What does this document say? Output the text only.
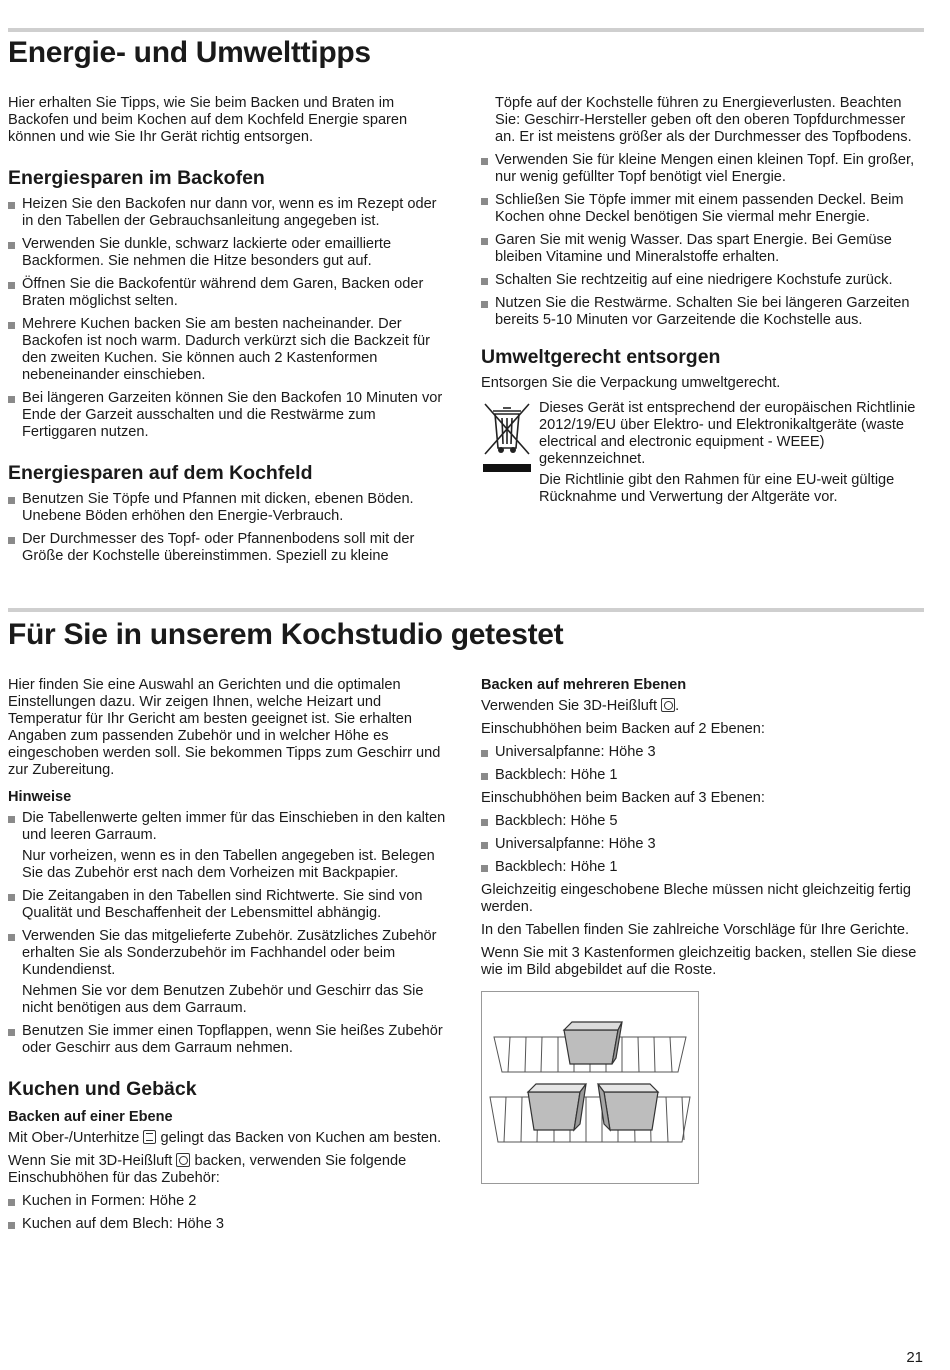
Energie- und Umwelttipps

Hier erhalten Sie Tipps, wie Sie beim Backen und Braten im Backofen und beim Kochen auf dem Kochfeld Energie sparen können und wie Sie Ihr Gerät richtig entsorgen.

Energiesparen im Backofen
Heizen Sie den Backofen nur dann vor, wenn es im Rezept oder in den Tabellen der Gebrauchsanleitung angegeben ist.
Verwenden Sie dunkle, schwarz lackierte oder emaillierte Backformen. Sie nehmen die Hitze besonders gut auf.
Öffnen Sie die Backofentür während dem Garen, Backen oder Braten möglichst selten.
Mehrere Kuchen backen Sie am besten nacheinander. Der Backofen ist noch warm. Dadurch verkürzt sich die Backzeit für den zweiten Kuchen. Sie können auch 2 Kastenformen nebeneinander einschieben.
Bei längeren Garzeiten können Sie den Backofen 10 Minuten vor Ende der Garzeit ausschalten und die Restwärme zum Fertiggaren nutzen.
Energiesparen auf dem Kochfeld
Benutzen Sie Töpfe und Pfannen mit dicken, ebenen Böden. Unebene Böden erhöhen den Energie-Verbrauch.
Der Durchmesser des Topf- oder Pfannenbodens soll mit der Größe der Kochstelle übereinstimmen. Speziell zu kleine

Töpfe auf der Kochstelle führen zu Energieverlusten. Beachten Sie: Geschirr-Hersteller geben oft den oberen Topfdurchmesser an. Er ist meistens größer als der Durchmesser des Topfbodens.

Verwenden Sie für kleine Mengen einen kleinen Topf. Ein großer, nur wenig gefüllter Topf benötigt viel Energie.
Schließen Sie Töpfe immer mit einem passenden Deckel. Beim Kochen ohne Deckel benötigen Sie viermal mehr Energie.
Garen Sie mit wenig Wasser. Das spart Energie. Bei Gemüse bleiben Vitamine und Mineralstoffe erhalten.
Schalten Sie rechtzeitig auf eine niedrigere Kochstufe zurück.
Nutzen Sie die Restwärme. Schalten Sie bei längeren Garzeiten bereits 5-10 Minuten vor Garzeitende die Kochstelle aus.
Umweltgerecht entsorgen

Entsorgen Sie die Verpackung umweltgerecht.

Dieses Gerät ist entsprechend der europäischen Richtlinie 2012/19/EU über Elektro- und Elektronikaltgeräte (waste electrical and electronic equipment - WEEE) gekennzeichnet.

Die Richtlinie gibt den Rahmen für eine EU-weit gültige Rücknahme und Verwertung der Altgeräte vor.

Für Sie in unserem Kochstudio getestet

Hier finden Sie eine Auswahl an Gerichten und die optimalen Einstellungen dazu. Wir zeigen Ihnen, welche Heizart und Temperatur für Ihr Gericht am besten geeignet ist. Sie erhalten Angaben zum passenden Zubehör und in welcher Höhe es eingeschoben werden soll. Sie bekommen Tipps zum Geschirr und zur Zubereitung.

Hinweise
Die Tabellenwerte gelten immer für das Einschieben in den kalten und leeren Garraum.
Nur vorheizen, wenn es in den Tabellen angegeben ist. Belegen Sie das Zubehör erst nach dem Vorheizen mit Backpapier.
Die Zeitangaben in den Tabellen sind Richtwerte. Sie sind von Qualität und Beschaffenheit der Lebensmittel abhängig.
Verwenden Sie das mitgelieferte Zubehör. Zusätzliches Zubehör erhalten Sie als Sonderzubehör im Fachhandel oder beim Kundendienst.
Nehmen Sie vor dem Benutzen Zubehör und Geschirr das Sie nicht benötigen aus dem Garraum.
Benutzen Sie immer einen Topflappen, wenn Sie heißes Zubehör oder Geschirr aus dem Garraum nehmen.
Kuchen und Gebäck
Backen auf einer Ebene

Mit Ober-/Unterhitze gelingt das Backen von Kuchen am besten.

Wenn Sie mit 3D-Heißluft backen, verwenden Sie folgende Einschubhöhen für das Zubehör:

Kuchen in Formen: Höhe 2
Kuchen auf dem Blech: Höhe 3
Backen auf mehreren Ebenen

Verwenden Sie 3D-Heißluft .

Einschubhöhen beim Backen auf 2 Ebenen:

Universalpfanne: Höhe 3
Backblech: Höhe 1

Einschubhöhen beim Backen auf 3 Ebenen:

Backblech: Höhe 5
Universalpfanne: Höhe 3
Backblech: Höhe 1

Gleichzeitig eingeschobene Bleche müssen nicht gleichzeitig fertig werden.

In den Tabellen finden Sie zahlreiche Vorschläge für Ihre Gerichte.

Wenn Sie mit 3 Kastenformen gleichzeitig backen, stellen Sie diese wie im Bild abgebildet auf die Roste.

21
